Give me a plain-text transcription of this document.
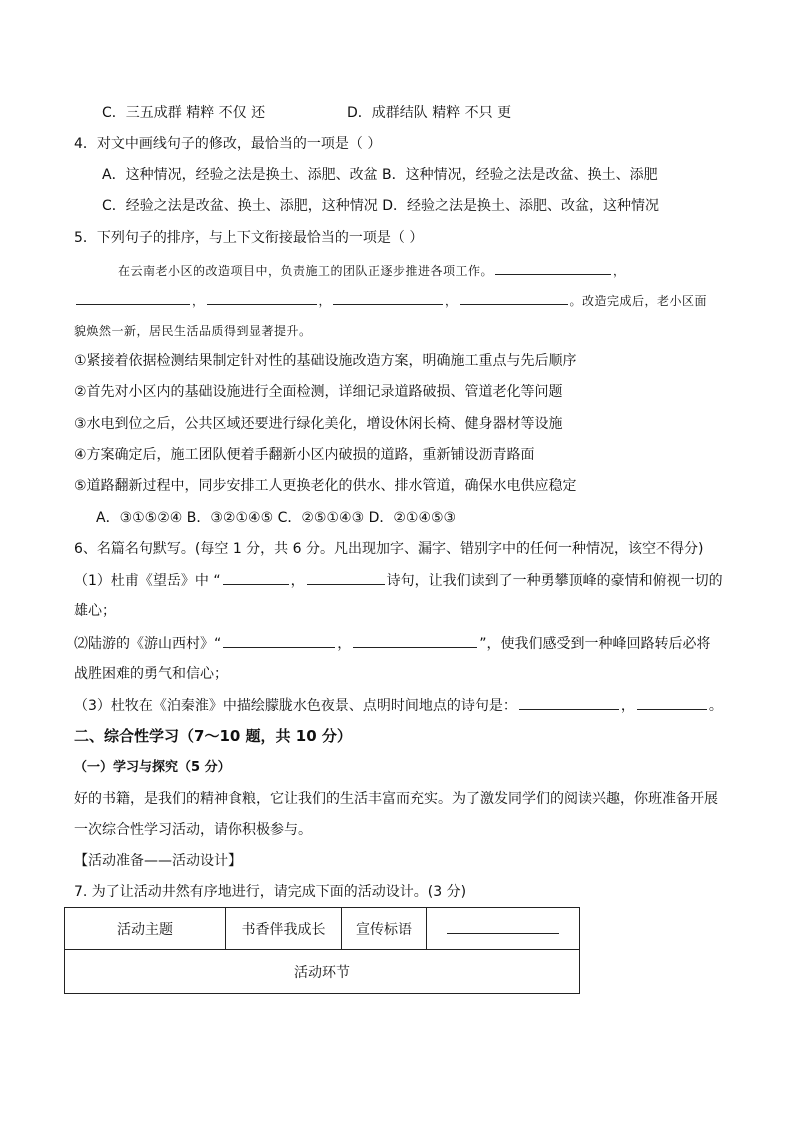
C．三五成群 精粹 不仅 还	D．成群结队 精粹 不只 更
4．对文中画线句子的修改，最恰当的一项是（ ）
A．这种情况，经验之法是换土、添肥、改盆 B．这种情况，经验之法是改盆、换土、添肥
C．经验之法是改盆、换土、添肥，这种情况 D．经验之法是换土、添肥、改盆，这种情况
5．下列句子的排序，与上下文衔接最恰当的一项是（ ）
在云南老小区的改造项目中，负责施工的团队正逐步推进各项工作。	，
，	，	，	。改造完成后，老小区面
貌焕然一新，居民生活品质得到显著提升。
①紧接着依据检测结果制定针对性的基础设施改造方案，明确施工重点与先后顺序
②首先对小区内的基础设施进行全面检测，详细记录道路破损、管道老化等问题
③水电到位之后，公共区域还要进行绿化美化，增设休闲长椅、健身器材等设施
④方案确定后，施工团队便着手翻新小区内破损的道路，重新铺设沥青路面
⑤道路翻新过程中，同步安排工人更换老化的供水、排水管道，确保水电供应稳定
A．③①⑤②④ B．③②①④⑤ C．②⑤①④③ D．②①④⑤③
6、名篇名句默写。(每空 1 分，共 6 分。凡出现加字、漏字、错别字中的任何一种情况，该空不得分)
（1）杜甫《望岳》中 “	，	诗句，让我们读到了一种勇攀顶峰的豪情和俯视一切的
雄心；
⑵陆游的《游山西村》“	，	”，使我们感受到一种峰回路转后必将
战胜困难的勇气和信心；
（3）杜牧在《泊秦淮》中描绘朦胧水色夜景、点明时间地点的诗句是：	，	。
二、综合性学习（7～10 题，共 10 分）
（一）学习与探究（5 分）
好的书籍，是我们的精神食粮，它让我们的生活丰富而充实。为了激发同学们的阅读兴趣，你班准备开展
一次综合性学习活动，请你积极参与。
【活动准备——活动设计】
7. 为了让活动井然有序地进行，请完成下面的活动设计。(3 分)
活动主题	书香伴我成长	宣传标语	
活动环节
